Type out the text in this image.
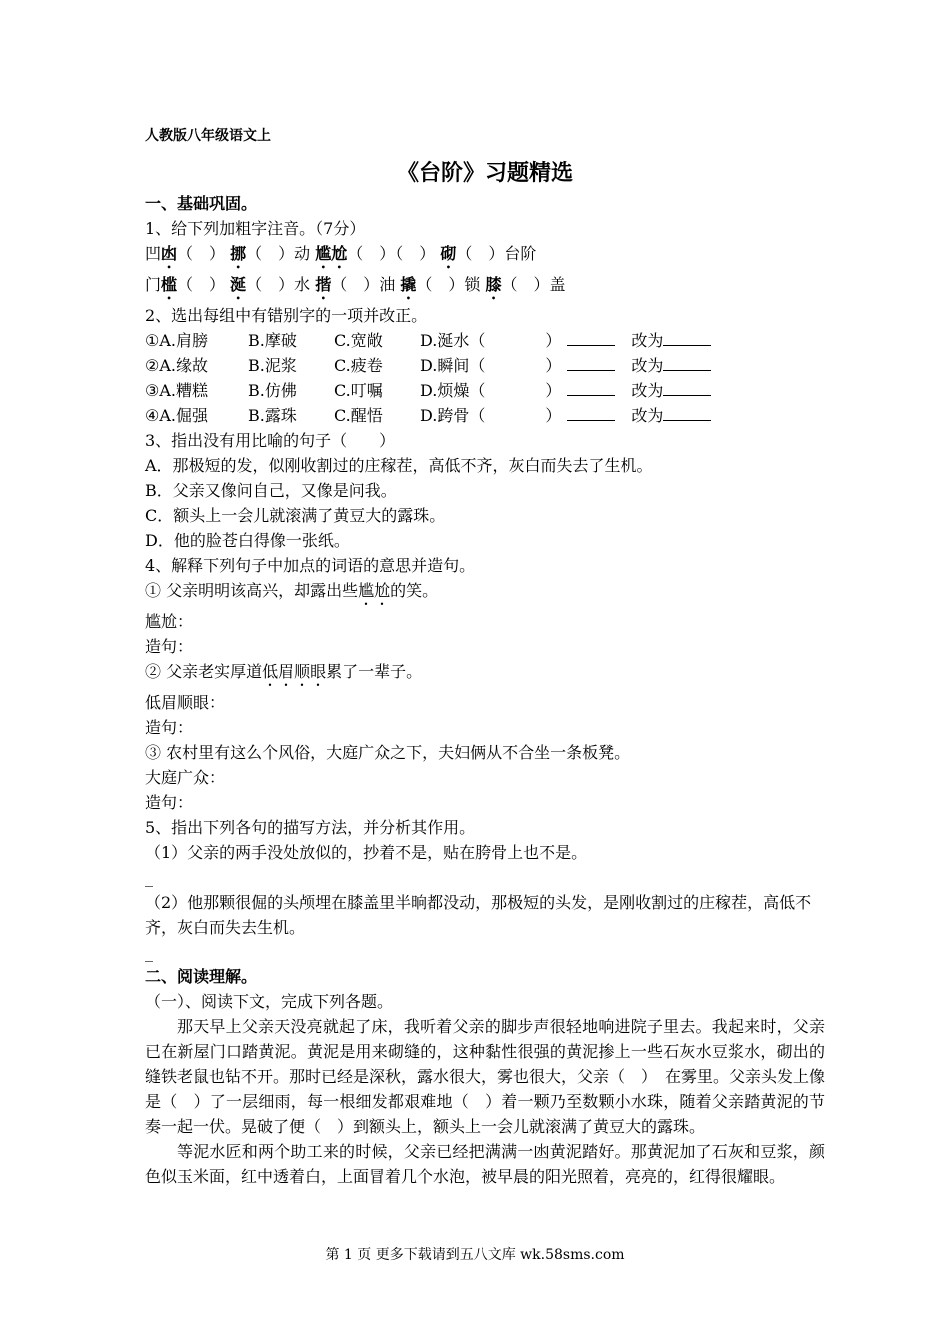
人教版八年级语文上
《台阶》习题精选
一、基础巩固。
1、给下列加粗字注音。（7分）
凹凼（　） 挪（　）动 尴尬（　）（　） 砌（　）台阶
门槛（　） 涎（　）水 揩（　）油 撬（　）锁 膝（　）盖
2、选出每组中有错别字的一项并改正。
①A.肩膀	B.摩破 C.宽敞 D.涎水（	）	改为
②A.缘故	B.泥浆 C.疲卷 D.瞬间（	）	改为
③A.糟糕	B.仿佛 C.叮嘱 D.烦燥（	）	改为
④A.倔强	B.露珠 C.醒悟 D.跨骨（	）	改为
3、指出没有用比喻的句子（　　）
A．那极短的发，似刚收割过的庄稼茬，高低不齐，灰白而失去了生机。
B．父亲又像问自己，又像是问我。
C．额头上一会儿就滚满了黄豆大的露珠。
D．他的脸苍白得像一张纸。
4、解释下列句子中加点的词语的意思并造句。
① 父亲明明该高兴，却露出些尴尬的笑。
尴尬：
造句：
② 父亲老实厚道低眉顺眼累了一辈子。
低眉顺眼：
造句：
③ 农村里有这么个风俗，大庭广众之下，夫妇俩从不合坐一条板凳。
大庭广众：
造句：
5、指出下列各句的描写方法，并分析其作用。
（1）父亲的两手没处放似的，抄着不是，贴在胯骨上也不是。
_
（2）他那颗很倔的头颅埋在膝盖里半晌都没动，那极短的头发，是刚收割过的庄稼茬，高低不齐，灰白而失去生机。
_
二、阅读理解。
（一）、阅读下文，完成下列各题。
那天早上父亲天没亮就起了床，我听着父亲的脚步声很轻地响进院子里去。我起来时，父亲已在新屋门口踏黄泥。黄泥是用来砌缝的，这种黏性很强的黄泥掺上一些石灰水豆浆水，砌出的缝铁老鼠也钻不开。那时已经是深秋，露水很大，雾也很大，父亲（　）　在雾里。父亲头发上像是（　）了一层细雨，每一根细发都艰难地（　）着一颗乃至数颗小水珠，随着父亲踏黄泥的节奏一起一伏。晃破了便（　）到额头上，额头上一会儿就滚满了黄豆大的露珠。
等泥水匠和两个助工来的时候，父亲已经把满满一凼黄泥踏好。那黄泥加了石灰和豆浆，颜色似玉米面，红中透着白，上面冒着几个水泡，被早晨的阳光照着，亮亮的，红得很耀眼。
第 1 页 更多下载请到五八文库 wk.58sms.com
